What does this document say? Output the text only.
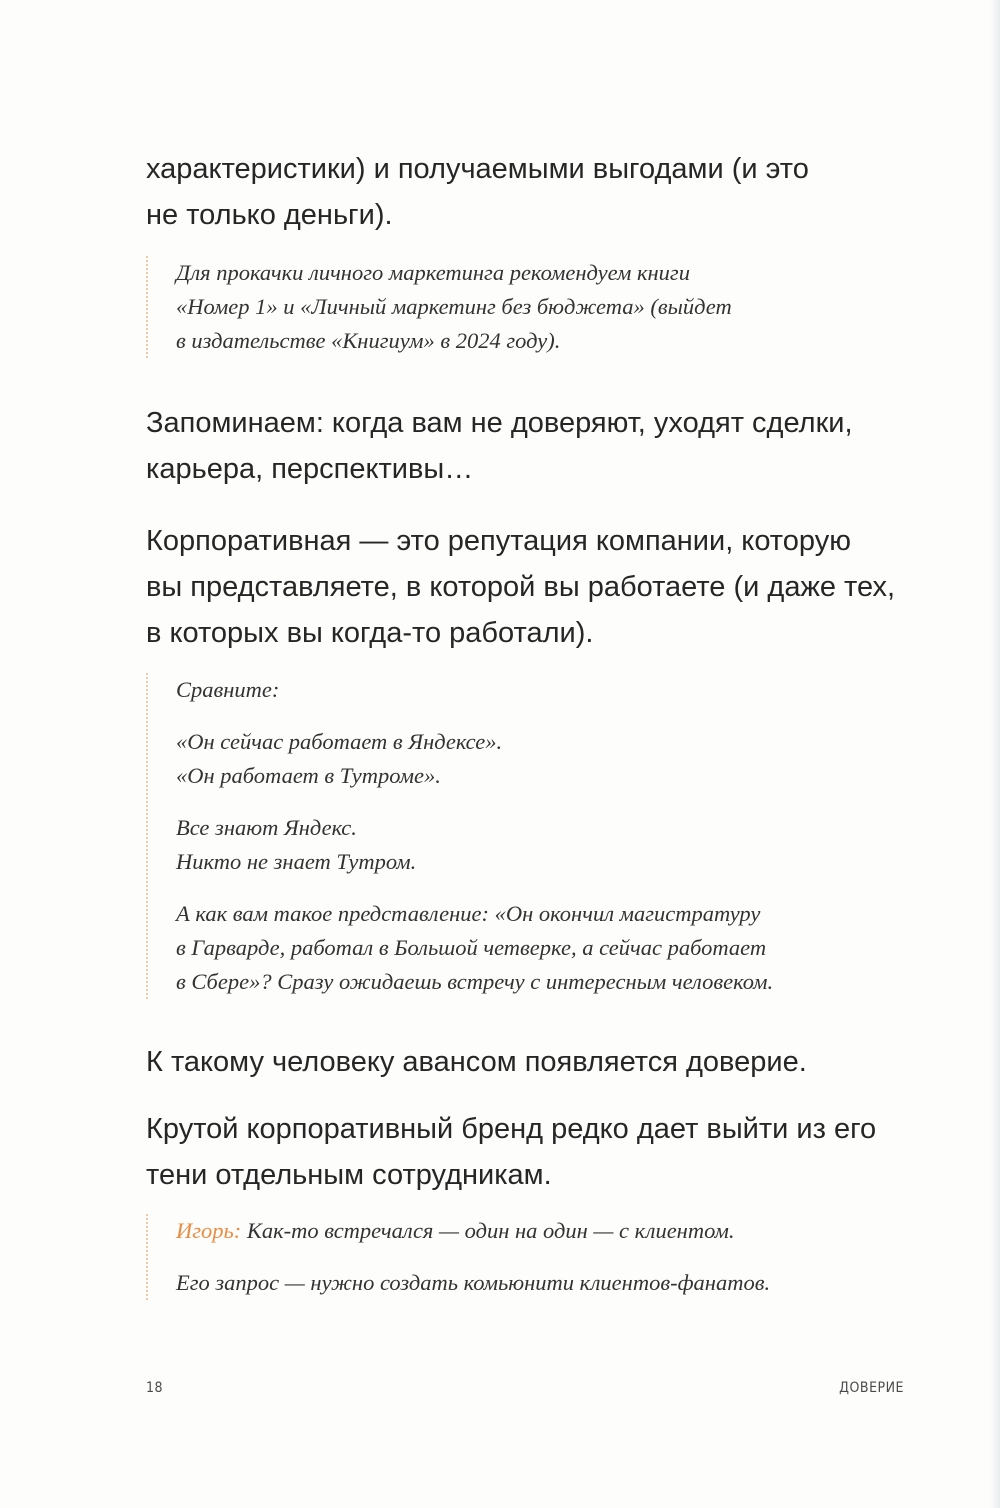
характеристики) и получаемыми выгодами (и это
не только деньги).

Для прокачки личного маркетинга рекомендуем книги
«Номер 1» и «Личный маркетинг без бюджета» (выйдет
в издательстве «Книгиум» в 2024 году).

Запоминаем: когда вам не доверяют, уходят сделки,
карьера, перспективы…

Корпоративная — это репутация компании, которую
вы представляете, в которой вы работаете (и даже тех,
в которых вы когда-то работали).

Сравните:
«Он сейчас работает в Яндексе».
«Он работает в Тутроме».
Все знают Яндекс.
Никто не знает Тутром.
А как вам такое представление: «Он окончил магистратуру
в Гарварде, работал в Большой четверке, а сейчас работает
в Сбере»? Сразу ожидаешь встречу с интересным человеком.

К такому человеку авансом появляется доверие.

Крутой корпоративный бренд редко дает выйти из его
тени отдельным сотрудникам.

Игорь: Как-то встречался — один на один — с клиентом.
Его запрос — нужно создать комьюнити клиентов-фанатов.
18	ДОВЕРИЕ
